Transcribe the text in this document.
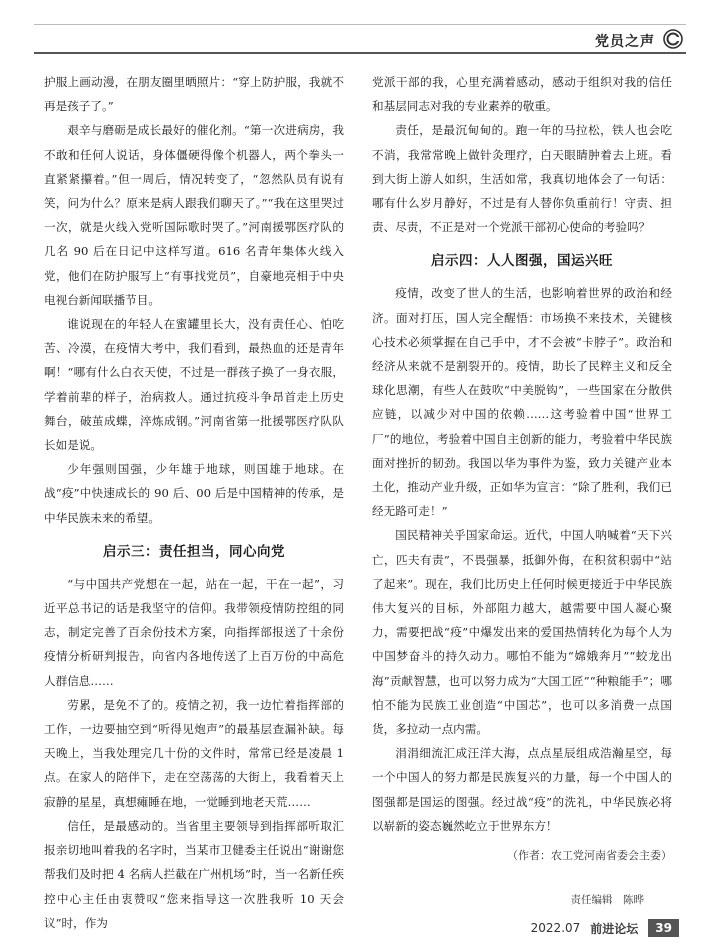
党员之声

护服上画动漫，在朋友圈里晒照片：“穿上防护服，我就不再是孩子了。”

艰辛与磨砺是成长最好的催化剂。“第一次进病房，我不敢和任何人说话，身体僵硬得像个机器人，两个拳头一直紧紧攥着。”但一周后，情况转变了，“忽然队员有说有笑，问为什么？原来是病人跟我们聊天了。”“我在这里哭过一次，就是火线入党听国际歌时哭了。”河南援鄂医疗队的几名 90 后在日记中这样写道。616 名青年集体火线入党，他们在防护服写上“有事找党员”，自豪地亮相于中央电视台新闻联播节目。

谁说现在的年轻人在蜜罐里长大，没有责任心、怕吃苦、冷漠，在疫情大考中，我们看到，最热血的还是青年啊！“哪有什么白衣天使，不过是一群孩子换了一身衣服，学着前辈的样子，治病救人。通过抗疫斗争昂首走上历史舞台，破茧成蝶，淬炼成钢。”河南省第一批援鄂医疗队队长如是说。

少年强则国强，少年雄于地球，则国雄于地球。在战“疫”中快速成长的 90 后、00 后是中国精神的传承，是中华民族未来的希望。

启示三：责任担当，同心向党

“与中国共产党想在一起，站在一起，干在一起”，习近平总书记的话是我坚守的信仰。我带领疫情防控组的同志，制定完善了百余份技术方案，向指挥部报送了十余份疫情分析研判报告，向省内各地传送了上百万份的中高危人群信息……

劳累，是免不了的。疫情之初，我一边忙着指挥部的工作，一边要抽空到“听得见炮声”的最基层查漏补缺。每天晚上，当我处理完几十份的文件时，常常已经是凌晨 1 点。在家人的陪伴下，走在空荡荡的大街上，我看着天上寂静的星星，真想瘫睡在地，一觉睡到地老天荒……

信任，是最感动的。当省里主要领导到指挥部听取汇报亲切地叫着我的名字时，当某市卫健委主任说出“谢谢您帮我们及时把 4 名病人拦截在广州机场”时，当一名新任疾控中心主任由衷赞叹“您来指导这一次胜我听 10 天会议”时，作为

党派干部的我，心里充满着感动，感动于组织对我的信任和基层同志对我的专业素养的敬重。

责任，是最沉甸甸的。跑一年的马拉松，铁人也会吃不消，我常常晚上做针灸理疗，白天眼睛肿着去上班。看到大街上游人如织，生活如常，我真切地体会了一句话：哪有什么岁月静好，不过是有人替你负重前行！守责、担责、尽责，不正是对一个党派干部初心使命的考验吗？

启示四：人人图强，国运兴旺

疫情，改变了世人的生活，也影响着世界的政治和经济。面对打压，国人完全醒悟：市场换不来技术，关键核心技术必须掌握在自己手中，才不会被“卡脖子”。政治和经济从来就不是割裂开的。疫情，助长了民粹主义和反全球化思潮，有些人在鼓吹“中美脱钩”，一些国家在分散供应链，以减少对中国的依赖……这考验着中国“世界工厂”的地位，考验着中国自主创新的能力，考验着中华民族面对挫折的韧劲。我国以华为事件为鉴，致力关键产业本土化，推动产业升级，正如华为宣言：“除了胜利，我们已经无路可走！”

国民精神关乎国家命运。近代，中国人呐喊着“天下兴亡，匹夫有责”，不畏强暴，抵御外侮，在积贫积弱中“站了起来”。现在，我们比历史上任何时候更接近于中华民族伟大复兴的目标，外部阻力越大，越需要中国人凝心聚力，需要把战“疫”中爆发出来的爱国热情转化为每个人为中国梦奋斗的持久动力。哪怕不能为“嫦娥奔月”“蛟龙出海”贡献智慧，也可以努力成为“大国工匠”“种粮能手”；哪怕不能为民族工业创造“中国芯”，也可以多消费一点国货，多拉动一点内需。

涓涓细流汇成汪洋大海，点点星辰组成浩瀚星空，每一个中国人的努力都是民族复兴的力量，每一个中国人的图强都是国运的图强。经过战“疫”的洗礼，中华民族必将以崭新的姿态巍然屹立于世界东方！

（作者：农工党河南省委会主委）
责任编辑　陈晔
2022.07 前进论坛	39
